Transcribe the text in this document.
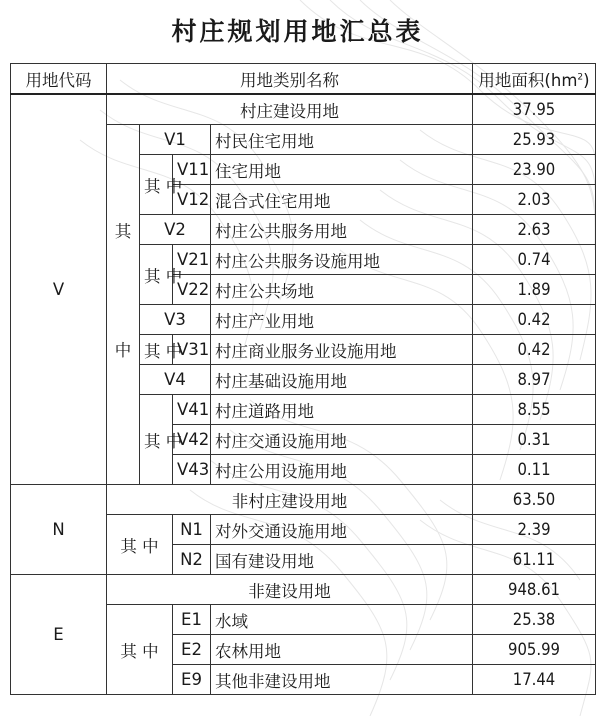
村庄规划用地汇总表
用地代码	用地类别名称				用地面积$(hm^2)$
V	村庄建设用地				37.95
	其	V1		村民住宅用地	25.93
		其 中	V11	住宅用地	23.90
			V12	混合式住宅用地	2.03
		V2		村庄公共服务用地	2.63
		其 中	V21	村庄公共服务设施用地	0.74
			V22	村庄公共场地	1.89
		V3		村庄产业用地	0.42
	中	其 中	V31	村庄商业服务业设施用地	0.42
		V4		村庄基础设施用地	8.97
		其 中	V41	村庄道路用地	8.55
			V42	村庄交通设施用地	0.31
			V43	村庄公用设施用地	0.11
N	非村庄建设用地				63.50
	其 中		N1	对外交通设施用地	2.39
			N2	国有建设用地	61.11
E	非建设用地				948.61
	其 中		E1	水域	25.38
			E2	农林用地	905.99
			E9	其他非建设用地	17.44
